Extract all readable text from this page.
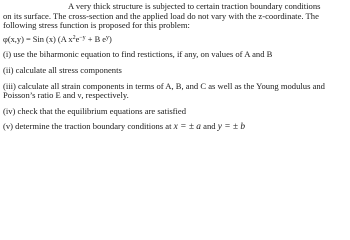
A very thick structure is subjected to certain traction boundary conditions
on its surface. The cross-section and the applied load do not vary with the z-coordinate. The
following stress function is proposed for this problem:
φ(x,y) = Sin (x) (A $x^2e^{-y} + B$ $e^y$)
(i) use the biharmonic equation to find restictions, if any, on values of A and B
(ii) calculate all stress components
(iii) calculate all strain components in terms of A, B, and C as well as the Young modulus and
Poisson’s ratio E and ν, respectively.
(iv) check that the equilibrium equations are satisfied
(v) determine the traction boundary conditions at x = ± a and y = ± b
